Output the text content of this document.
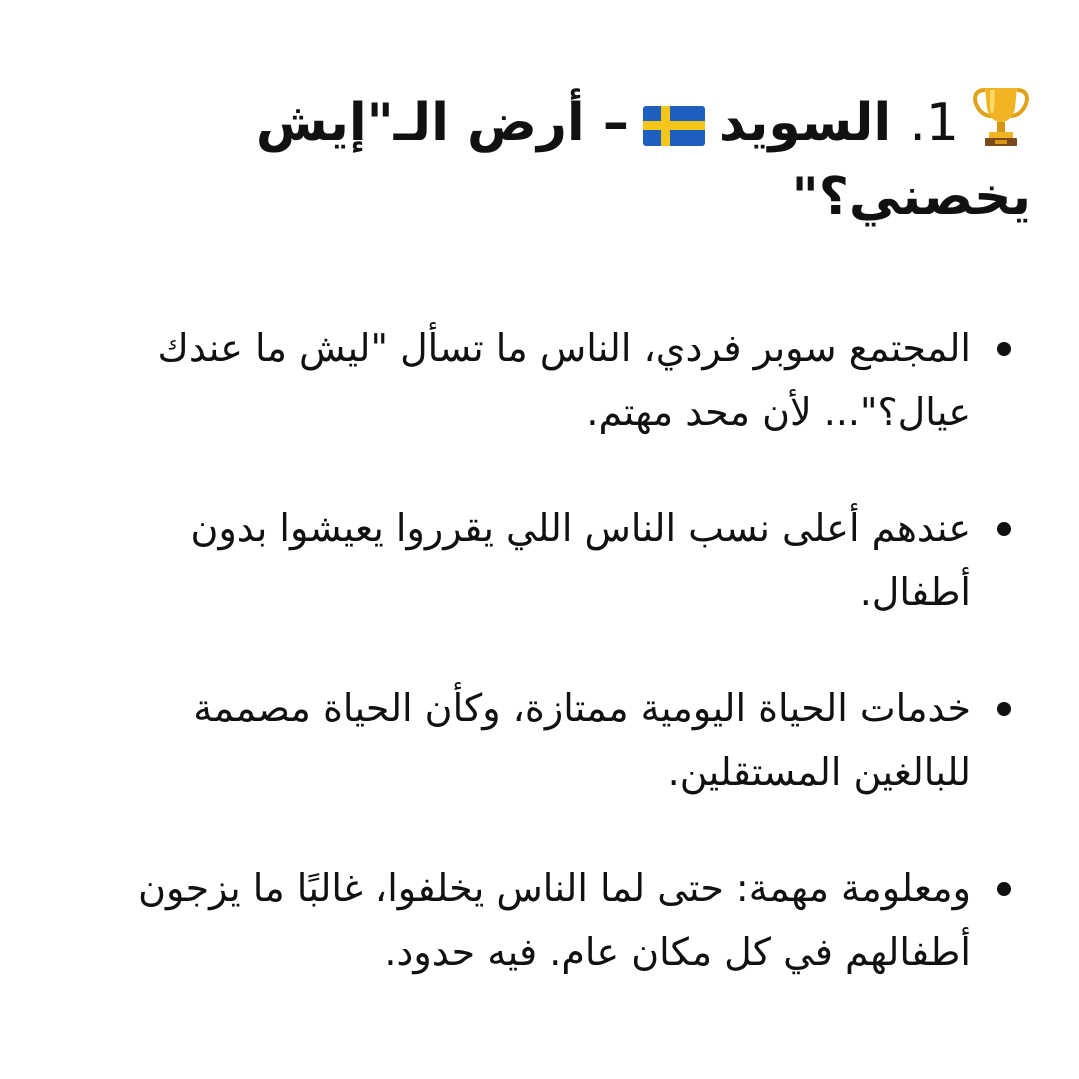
1. السويد– أرض الـ"إيش يخصني؟"
المجتمع سوبر فردي، الناس ما تسأل "ليش ما عندك عيال؟"... لأن محد مهتم.
عندهم أعلى نسب الناس اللي يقرروا يعيشوا بدون أطفال.
خدمات الحياة اليومية ممتازة، وكأن الحياة مصممة للبالغين المستقلين.
ومعلومة مهمة: حتى لما الناس يخلفوا، غالبًا ما يزجون أطفالهم في كل مكان عام. فيه حدود.
